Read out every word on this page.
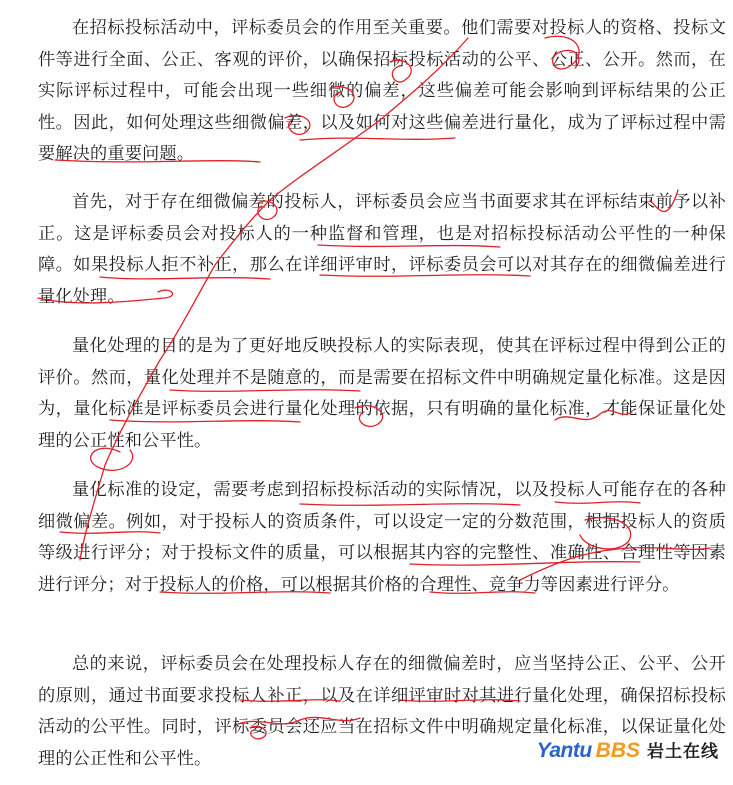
在招标投标活动中，评标委员会的作用至关重要。他们需要对投标人的资格、投标文件等进行全面、公正、客观的评价，以确保招标投标活动的公平、公正、公开。然而，在实际评标过程中，可能会出现一些细微的偏差，这些偏差可能会影响到评标结果的公正性。因此，如何处理这些细微偏差，以及如何对这些偏差进行量化，成为了评标过程中需要解决的重要问题。

首先，对于存在细微偏差的投标人，评标委员会应当书面要求其在评标结束前予以补正。这是评标委员会对投标人的一种监督和管理，也是对招标投标活动公平性的一种保障。如果投标人拒不补正，那么在详细评审时，评标委员会可以对其存在的细微偏差进行量化处理。

量化处理的目的是为了更好地反映投标人的实际表现，使其在评标过程中得到公正的评价。然而，量化处理并不是随意的，而是需要在招标文件中明确规定量化标准。这是因为，量化标准是评标委员会进行量化处理的依据，只有明确的量化标准，才能保证量化处理的公正性和公平性。

量化标准的设定，需要考虑到招标投标活动的实际情况，以及投标人可能存在的各种细微偏差。例如，对于投标人的资质条件，可以设定一定的分数范围，根据投标人的资质等级进行评分；对于投标文件的质量，可以根据其内容的完整性、准确性、合理性等因素进行评分；对于投标人的价格，可以根据其价格的合理性、竞争力等因素进行评分。

总的来说，评标委员会在处理投标人存在的细微偏差时，应当坚持公正、公平、公开的原则，通过书面要求投标人补正，以及在详细评审时对其进行量化处理，确保招标投标活动的公平性。同时，评标委员会还应当在招标文件中明确规定量化标准，以保证量化处理的公正性和公平性。	Yantu BBS 岩土在线
